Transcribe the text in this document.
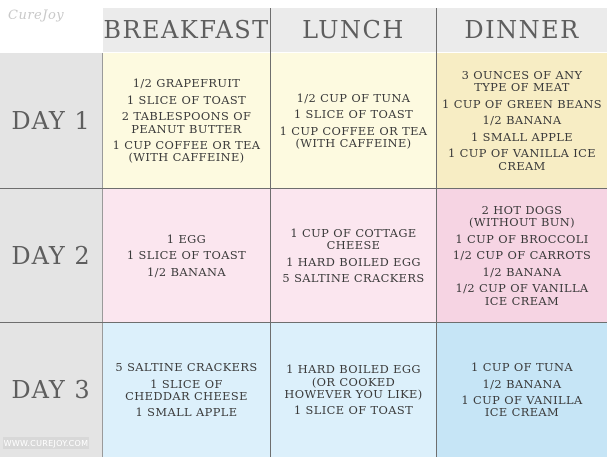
CureJoy
BREAKFAST	LUNCH	DINNER
DAY 1
DAY 2
DAY 3
1/2 GRAPEFRUIT
1 SLICE OF TOAST
2 TABLESPOONS OF
PEANUT BUTTER
1 CUP COFFEE OR TEA
(WITH CAFFEINE)
1/2 CUP OF TUNA
1 SLICE OF TOAST
1 CUP COFFEE OR TEA
(WITH CAFFEINE)
3 OUNCES OF ANY
TYPE OF MEAT
1 CUP OF GREEN BEANS
1/2 BANANA
1 SMALL APPLE
1 CUP OF VANILLA ICE
CREAM
1 EGG
1 SLICE OF TOAST
1/2 BANANA
1 CUP OF COTTAGE
CHEESE
1 HARD BOILED EGG
5 SALTINE CRACKERS
2 HOT DOGS
(WITHOUT BUN)
1 CUP OF BROCCOLI
1/2 CUP OF CARROTS
1/2 BANANA
1/2 CUP OF VANILLA
ICE CREAM
5 SALTINE CRACKERS
1 SLICE OF
CHEDDAR CHEESE
1 SMALL APPLE
1 HARD BOILED EGG
(OR COOKED
HOWEVER YOU LIKE)
1 SLICE OF TOAST
1 CUP OF TUNA
1/2 BANANA
1 CUP OF VANILLA
ICE CREAM
WWW.CUREJOY.COM
